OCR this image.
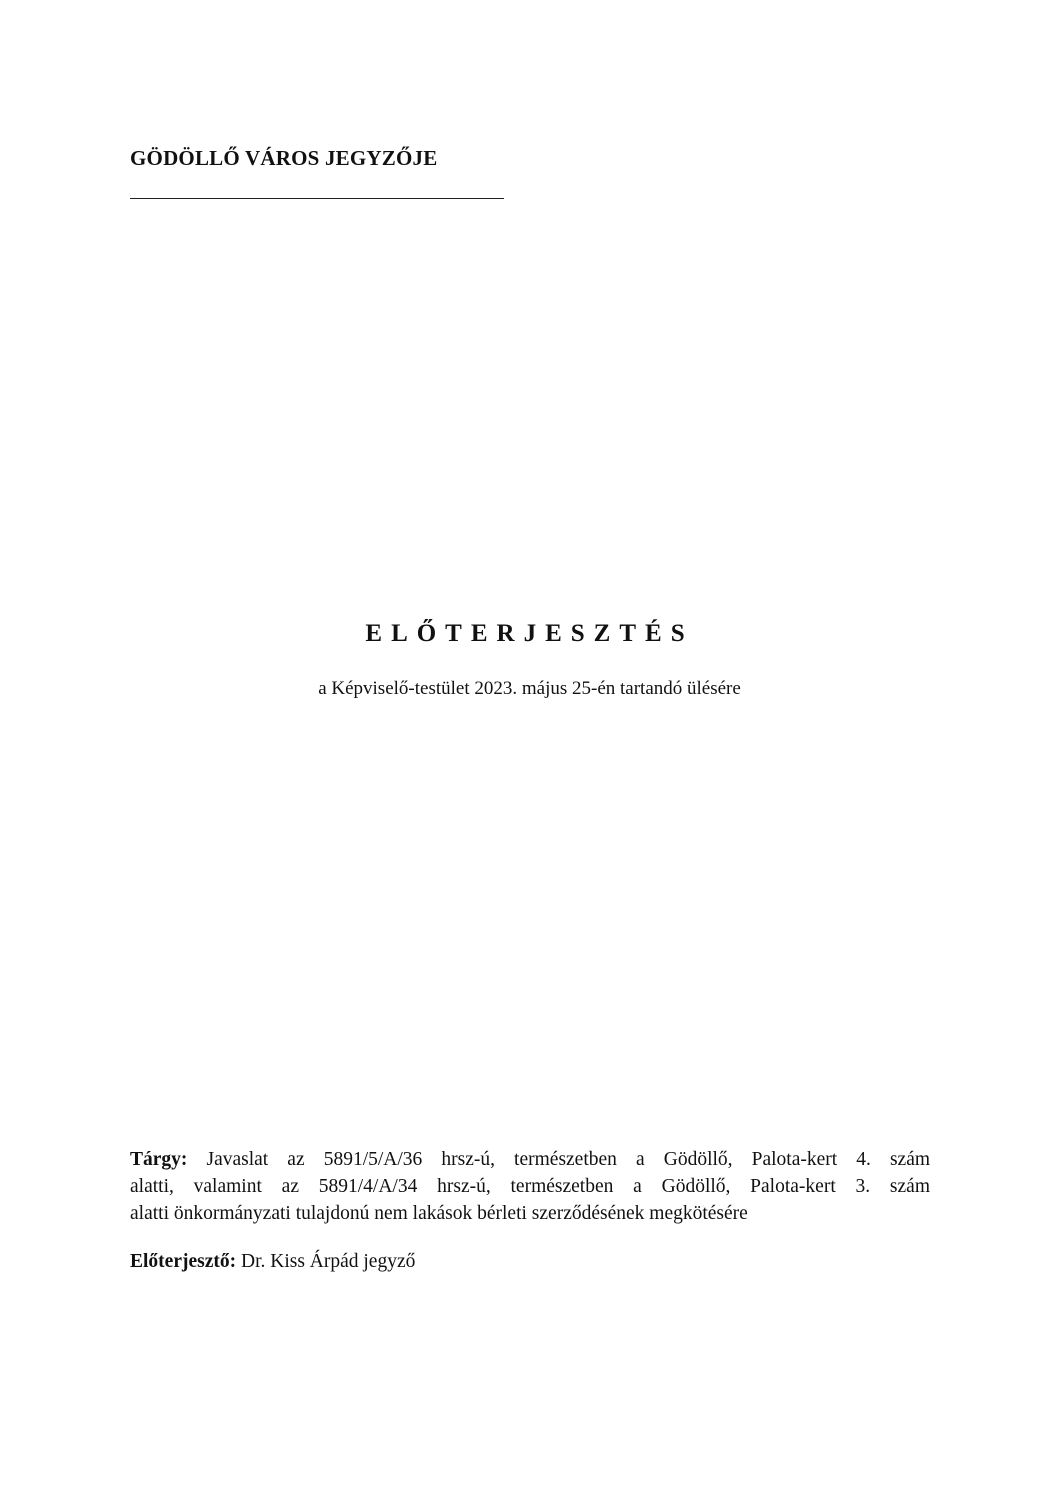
GÖDÖLLŐ VÁROS JEGYZŐJE
ELŐTERJESZTÉS
a Képviselő-testület 2023. május 25-én tartandó ülésére
Tárgy: Javaslat az 5891/5/A/36 hrsz-ú, természetben a Gödöllő, Palota-kert 4. szám
alatti, valamint az 5891/4/A/34 hrsz-ú, természetben a Gödöllő, Palota-kert 3. szám
alatti önkormányzati tulajdonú nem lakások bérleti szerződésének megkötésére
Előterjesztő: Dr. Kiss Árpád jegyző
